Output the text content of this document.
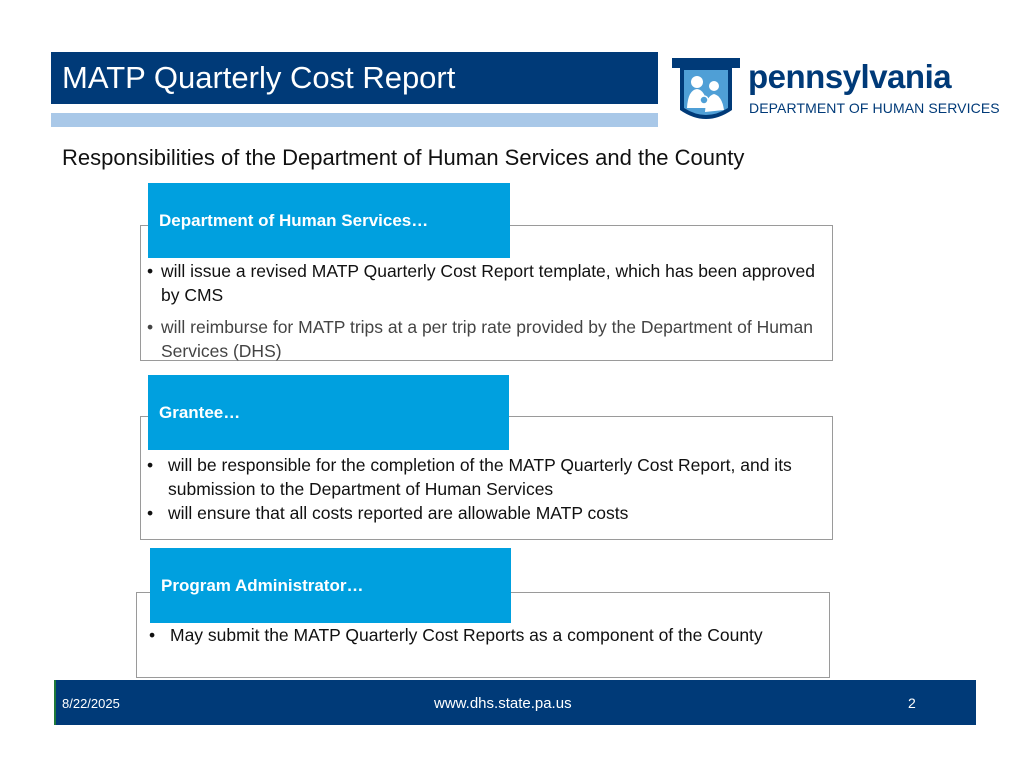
MATP Quarterly Cost Report	pennsylvania
DEPARTMENT OF HUMAN SERVICES
Responsibilities of the Department of Human Services and the County
Department of Human Services…
• will issue a revised MATP Quarterly Cost Report template, which has been approved by CMS
• will reimburse for MATP trips at a per trip rate provided by the Department of Human Services (DHS)
Grantee…
• will be responsible for the completion of the MATP Quarterly Cost Report, and its submission to the Department of Human Services
• will ensure that all costs reported are allowable MATP costs
Program Administrator…
• May submit the MATP Quarterly Cost Reports as a component of the County
8/22/2025	www.dhs.state.pa.us	2
